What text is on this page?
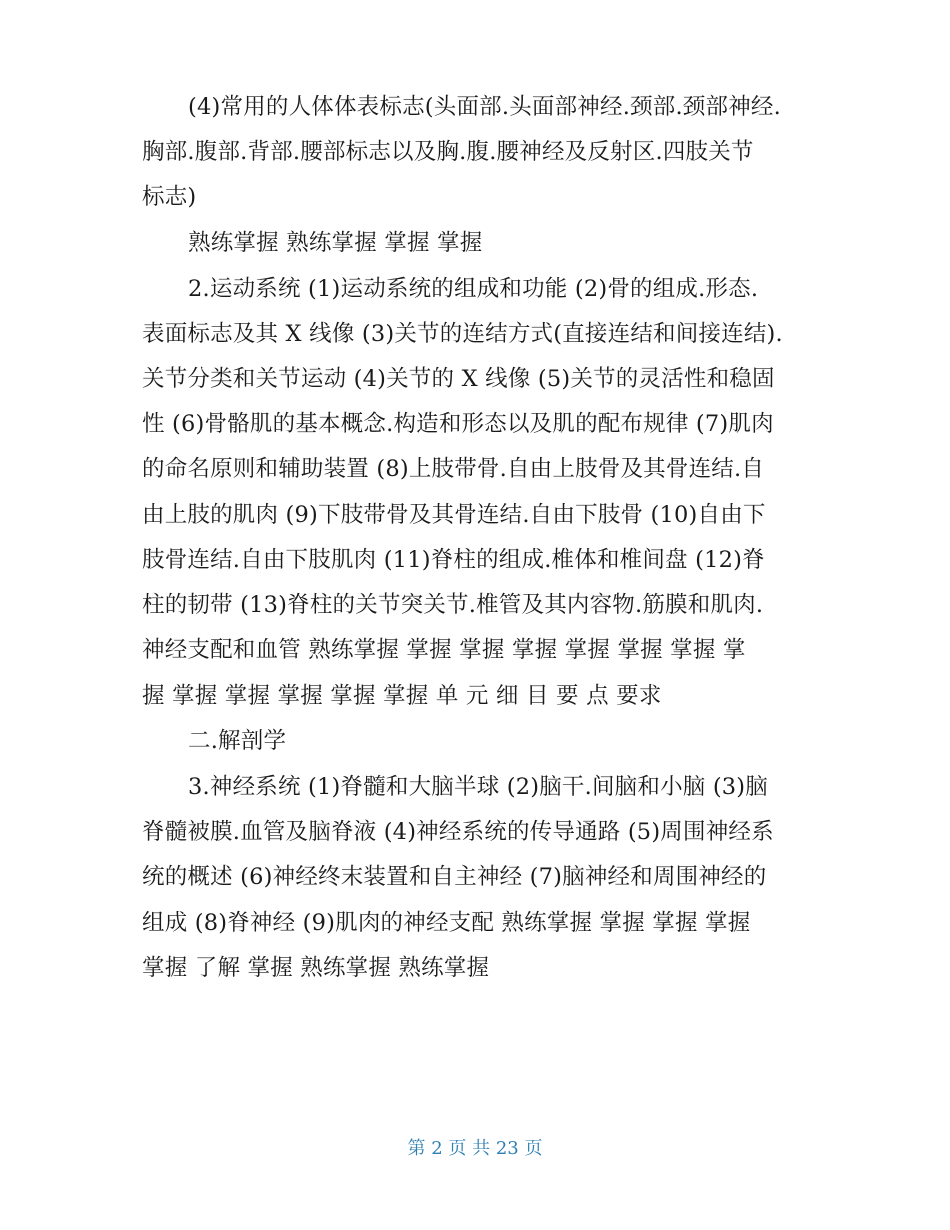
(4)常用的人体体表标志(头面部.头面部神经.颈部.颈部神经.
胸部.腹部.背部.腰部标志以及胸.腹.腰神经及反射区.四肢关节
标志)
熟练掌握 熟练掌握 掌握 掌握
2.运动系统 (1)运动系统的组成和功能 (2)骨的组成.形态.
表面标志及其 X 线像 (3)关节的连结方式(直接连结和间接连结).
关节分类和关节运动 (4)关节的 X 线像 (5)关节的灵活性和稳固
性 (6)骨骼肌的基本概念.构造和形态以及肌的配布规律 (7)肌肉
的命名原则和辅助装置 (8)上肢带骨.自由上肢骨及其骨连结.自
由上肢的肌肉 (9)下肢带骨及其骨连结.自由下肢骨 (10)自由下
肢骨连结.自由下肢肌肉 (11)脊柱的组成.椎体和椎间盘 (12)脊
柱的韧带 (13)脊柱的关节突关节.椎管及其内容物.筋膜和肌肉.
神经支配和血管 熟练掌握 掌握 掌握 掌握 掌握 掌握 掌握 掌
握 掌握 掌握 掌握 掌握 掌握 单 元 细 目 要 点 要求
二.解剖学
3.神经系统 (1)脊髓和大脑半球 (2)脑干.间脑和小脑 (3)脑
脊髓被膜.血管及脑脊液 (4)神经系统的传导通路 (5)周围神经系
统的概述 (6)神经终末装置和自主神经 (7)脑神经和周围神经的
组成 (8)脊神经 (9)肌肉的神经支配 熟练掌握 掌握 掌握 掌握
掌握 了解 掌握 熟练掌握 熟练掌握
第 2 页 共 23 页
